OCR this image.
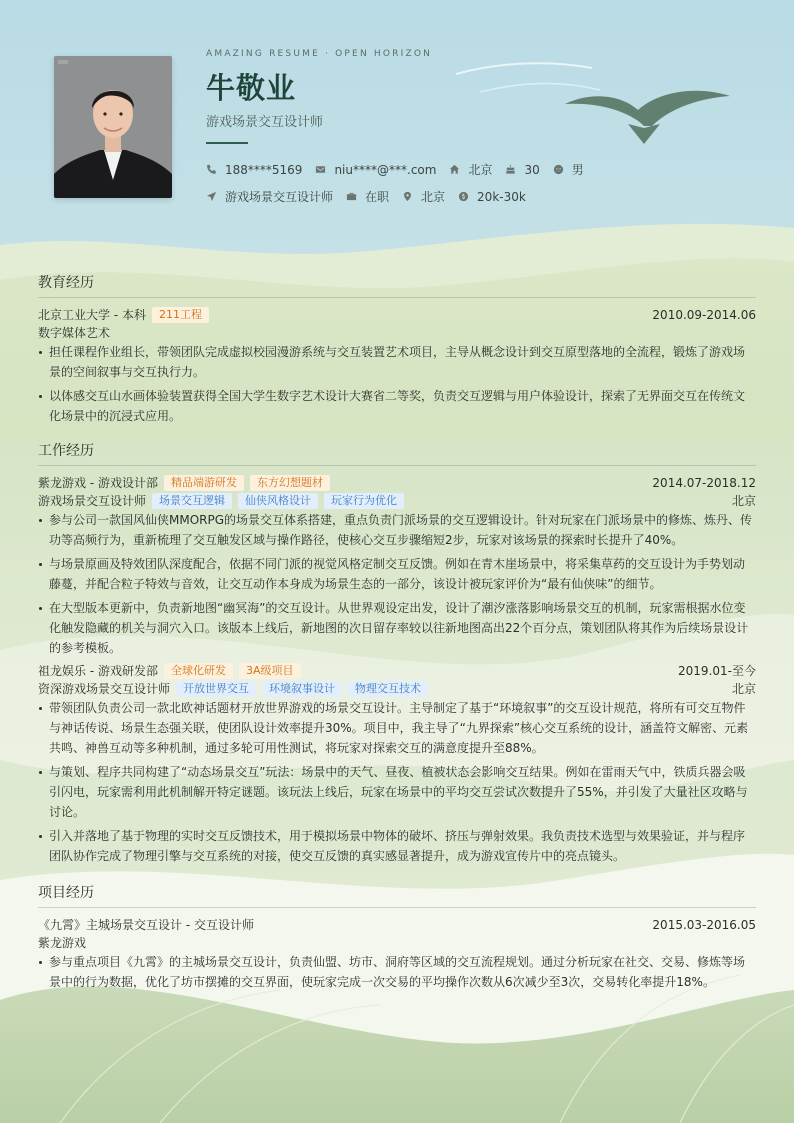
AMAZING RESUME · OPEN HORIZON
牛敬业
游戏场景交互设计师
188****5169	niu****@***.com	北京	30	男
游戏场景交互设计师	在职	北京	20k-30k
教育经历
北京工业大学 - 本科	211工程	2010.09-2014.06
数字媒体艺术
担任课程作业组长，带领团队完成虚拟校园漫游系统与交互装置艺术项目，主导从概念设计到交互原型落地的全流程，锻炼了游戏场景的空间叙事与交互执行力。
以体感交互山水画体验装置获得全国大学生数字艺术设计大赛省二等奖，负责交互逻辑与用户体验设计，探索了无界面交互在传统文化场景中的沉浸式应用。
工作经历
紫龙游戏 - 游戏设计部	精品端游研发	东方幻想题材	2014.07-2018.12
游戏场景交互设计师	场景交互逻辑	仙侠风格设计	玩家行为优化	北京
参与公司一款国风仙侠MMORPG的场景交互体系搭建，重点负责门派场景的交互逻辑设计。针对玩家在门派场景中的修炼、炼丹、传功等高频行为，重新梳理了交互触发区域与操作路径，使核心交互步骤缩短2步，玩家对该场景的探索时长提升了40%。
与场景原画及特效团队深度配合，依据不同门派的视觉风格定制交互反馈。例如在青木崖场景中，将采集草药的交互设计为手势划动藤蔓，并配合粒子特效与音效，让交互动作本身成为场景生态的一部分，该设计被玩家评价为“最有仙侠味”的细节。
在大型版本更新中，负责新地图“幽冥海”的交互设计。从世界观设定出发，设计了潮汐涨落影响场景交互的机制，玩家需根据水位变化触发隐藏的机关与洞穴入口。该版本上线后，新地图的次日留存率较以往新地图高出22个百分点，策划团队将其作为后续场景设计的参考模板。
祖龙娱乐 - 游戏研发部	全球化研发	3A级项目	2019.01-至今
资深游戏场景交互设计师	开放世界交互	环境叙事设计	物理交互技术	北京
带领团队负责公司一款北欧神话题材开放世界游戏的场景交互设计。主导制定了基于“环境叙事”的交互设计规范，将所有可交互物件与神话传说、场景生态强关联，使团队设计效率提升30%。项目中，我主导了“九界探索”核心交互系统的设计，涵盖符文解密、元素共鸣、神兽互动等多种机制，通过多轮可用性测试，将玩家对探索交互的满意度提升至88%。
与策划、程序共同构建了“动态场景交互”玩法：场景中的天气、昼夜、植被状态会影响交互结果。例如在雷雨天气中，铁质兵器会吸引闪电，玩家需利用此机制解开特定谜题。该玩法上线后，玩家在场景中的平均交互尝试次数提升了55%，并引发了大量社区攻略与讨论。
引入并落地了基于物理的实时交互反馈技术，用于模拟场景中物体的破坏、挤压与弹射效果。我负责技术选型与效果验证，并与程序团队协作完成了物理引擎与交互系统的对接，使交互反馈的真实感显著提升，成为游戏宣传片中的亮点镜头。
项目经历
《九霄》主城场景交互设计 - 交互设计师	2015.03-2016.05
紫龙游戏
参与重点项目《九霄》的主城场景交互设计，负责仙盟、坊市、洞府等区域的交互流程规划。通过分析玩家在社交、交易、修炼等场景中的行为数据，优化了坊市摆摊的交互界面，使玩家完成一次交易的平均操作次数从6次减少至3次，交易转化率提升18%。
